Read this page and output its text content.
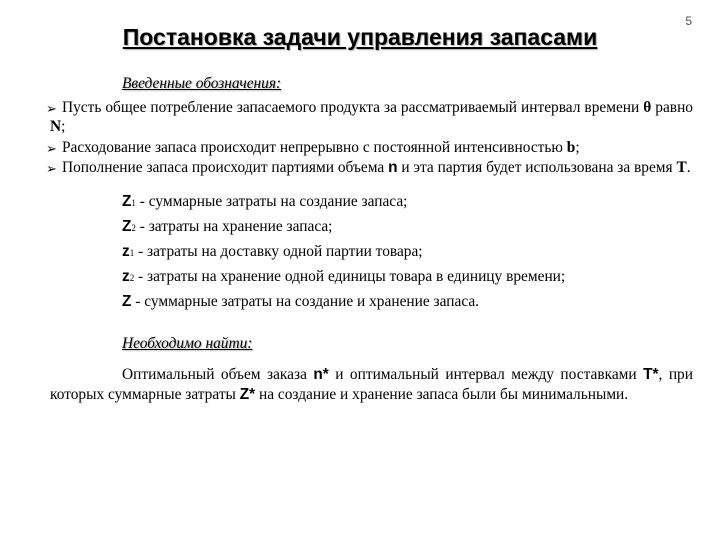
5
Постановка задачи управления запасами
Введенные обозначения:

➢ Пусть общее потребление запасаемого продукта за рассматриваемый интервал времени θ равно N;

➢ Расходование запаса происходит непрерывно с постоянной интенсивностью b;

➢ Пополнение запаса происходит партиями объема n и эта партия будет использована за время T.

Z1 - суммарные затраты на создание запаса;
Z2 - затраты на хранение запаса;
z1 - затраты на доставку одной партии товара;
z2 - затраты на хранение одной единицы товара в единицу времени;
Z - суммарные затраты на создание и хранение запаса.
Необходимо найти:

Оптимальный объем заказа n* и оптимальный интервал между поставками T*, при которых суммарные затраты Z* на создание и хранение запаса были бы минимальными.
